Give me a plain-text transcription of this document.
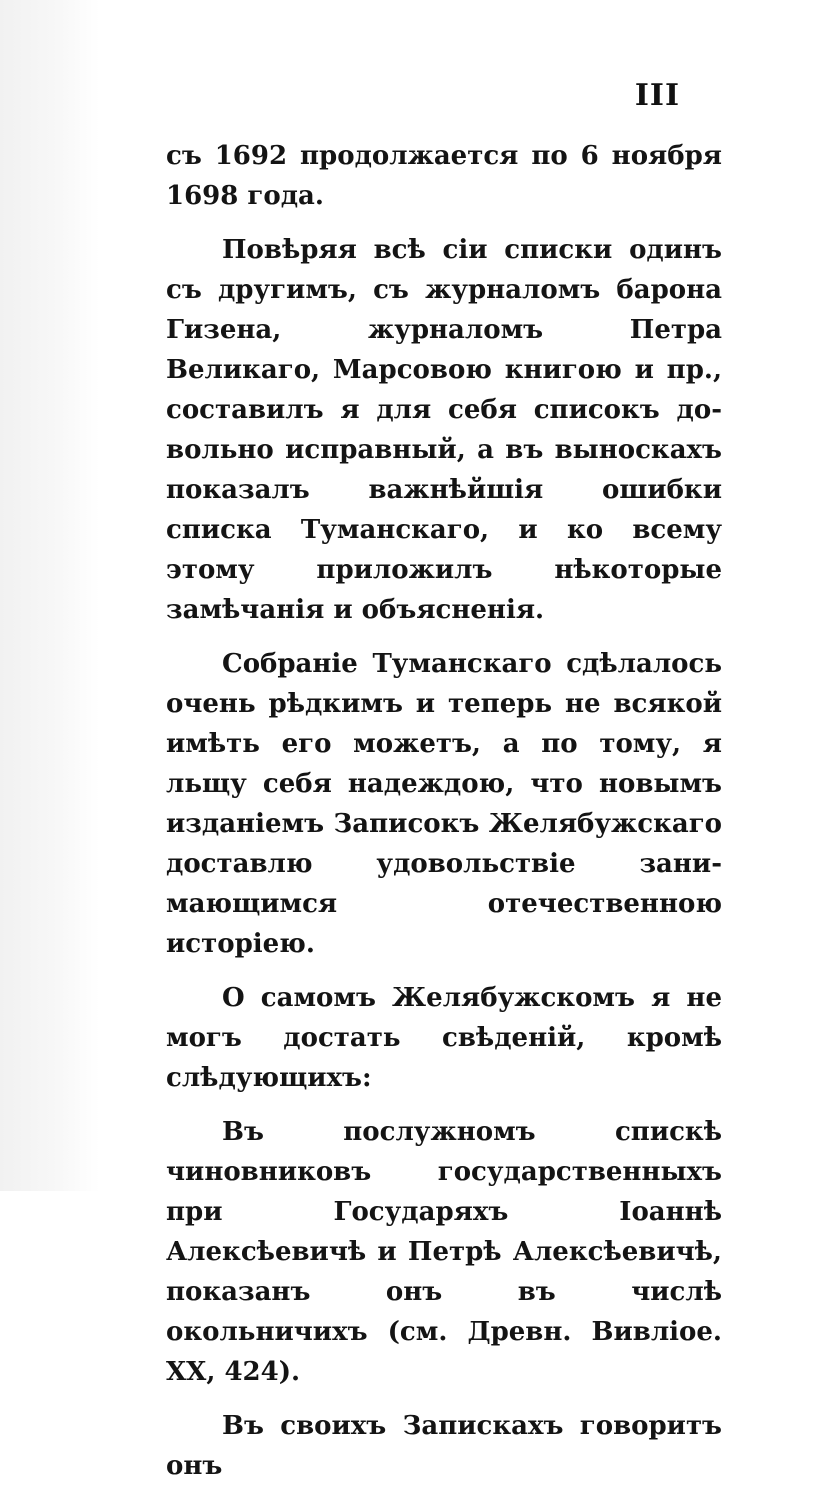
III

съ 1692 продолжается по 6 ноября 1698 года.

Повѣряя всѣ сіи списки одинъ съ другимъ, съ журналомъ барона Гизена, журналомъ Петра Великаго, Марсовою книгою и пр., составилъ я для себя списокъ довольно исправный, а въ выноскахъ показалъ важнѣйшія ошибки списка Туманскаго, и ко всему этому приложилъ нѣкоторые замѣчанія и объясненія.

Собраніе Туманскаго сдѣлалось очень рѣдкимъ и теперь не всякой имѣть его можетъ, а по тому, я льщу себя надеждою, что новымъ изданіемъ Записокъ Желябужскаго доставлю удовольствіе занимающимся отечественною исторіею.

О самомъ Желябужскомъ я не могъ достать свѣденій, кромѣ слѣдующихъ:

Въ послужномъ спискѣ чиновниковъ государственныхъ при Государяхъ Іоаннѣ Алексѣевичѣ и Петрѣ Алексѣевичѣ, показанъ онъ въ числѣ окольничихъ (см. Древн. Вивліое. XX, 424).

Въ своихъ Запискахъ говоритъ онъ
